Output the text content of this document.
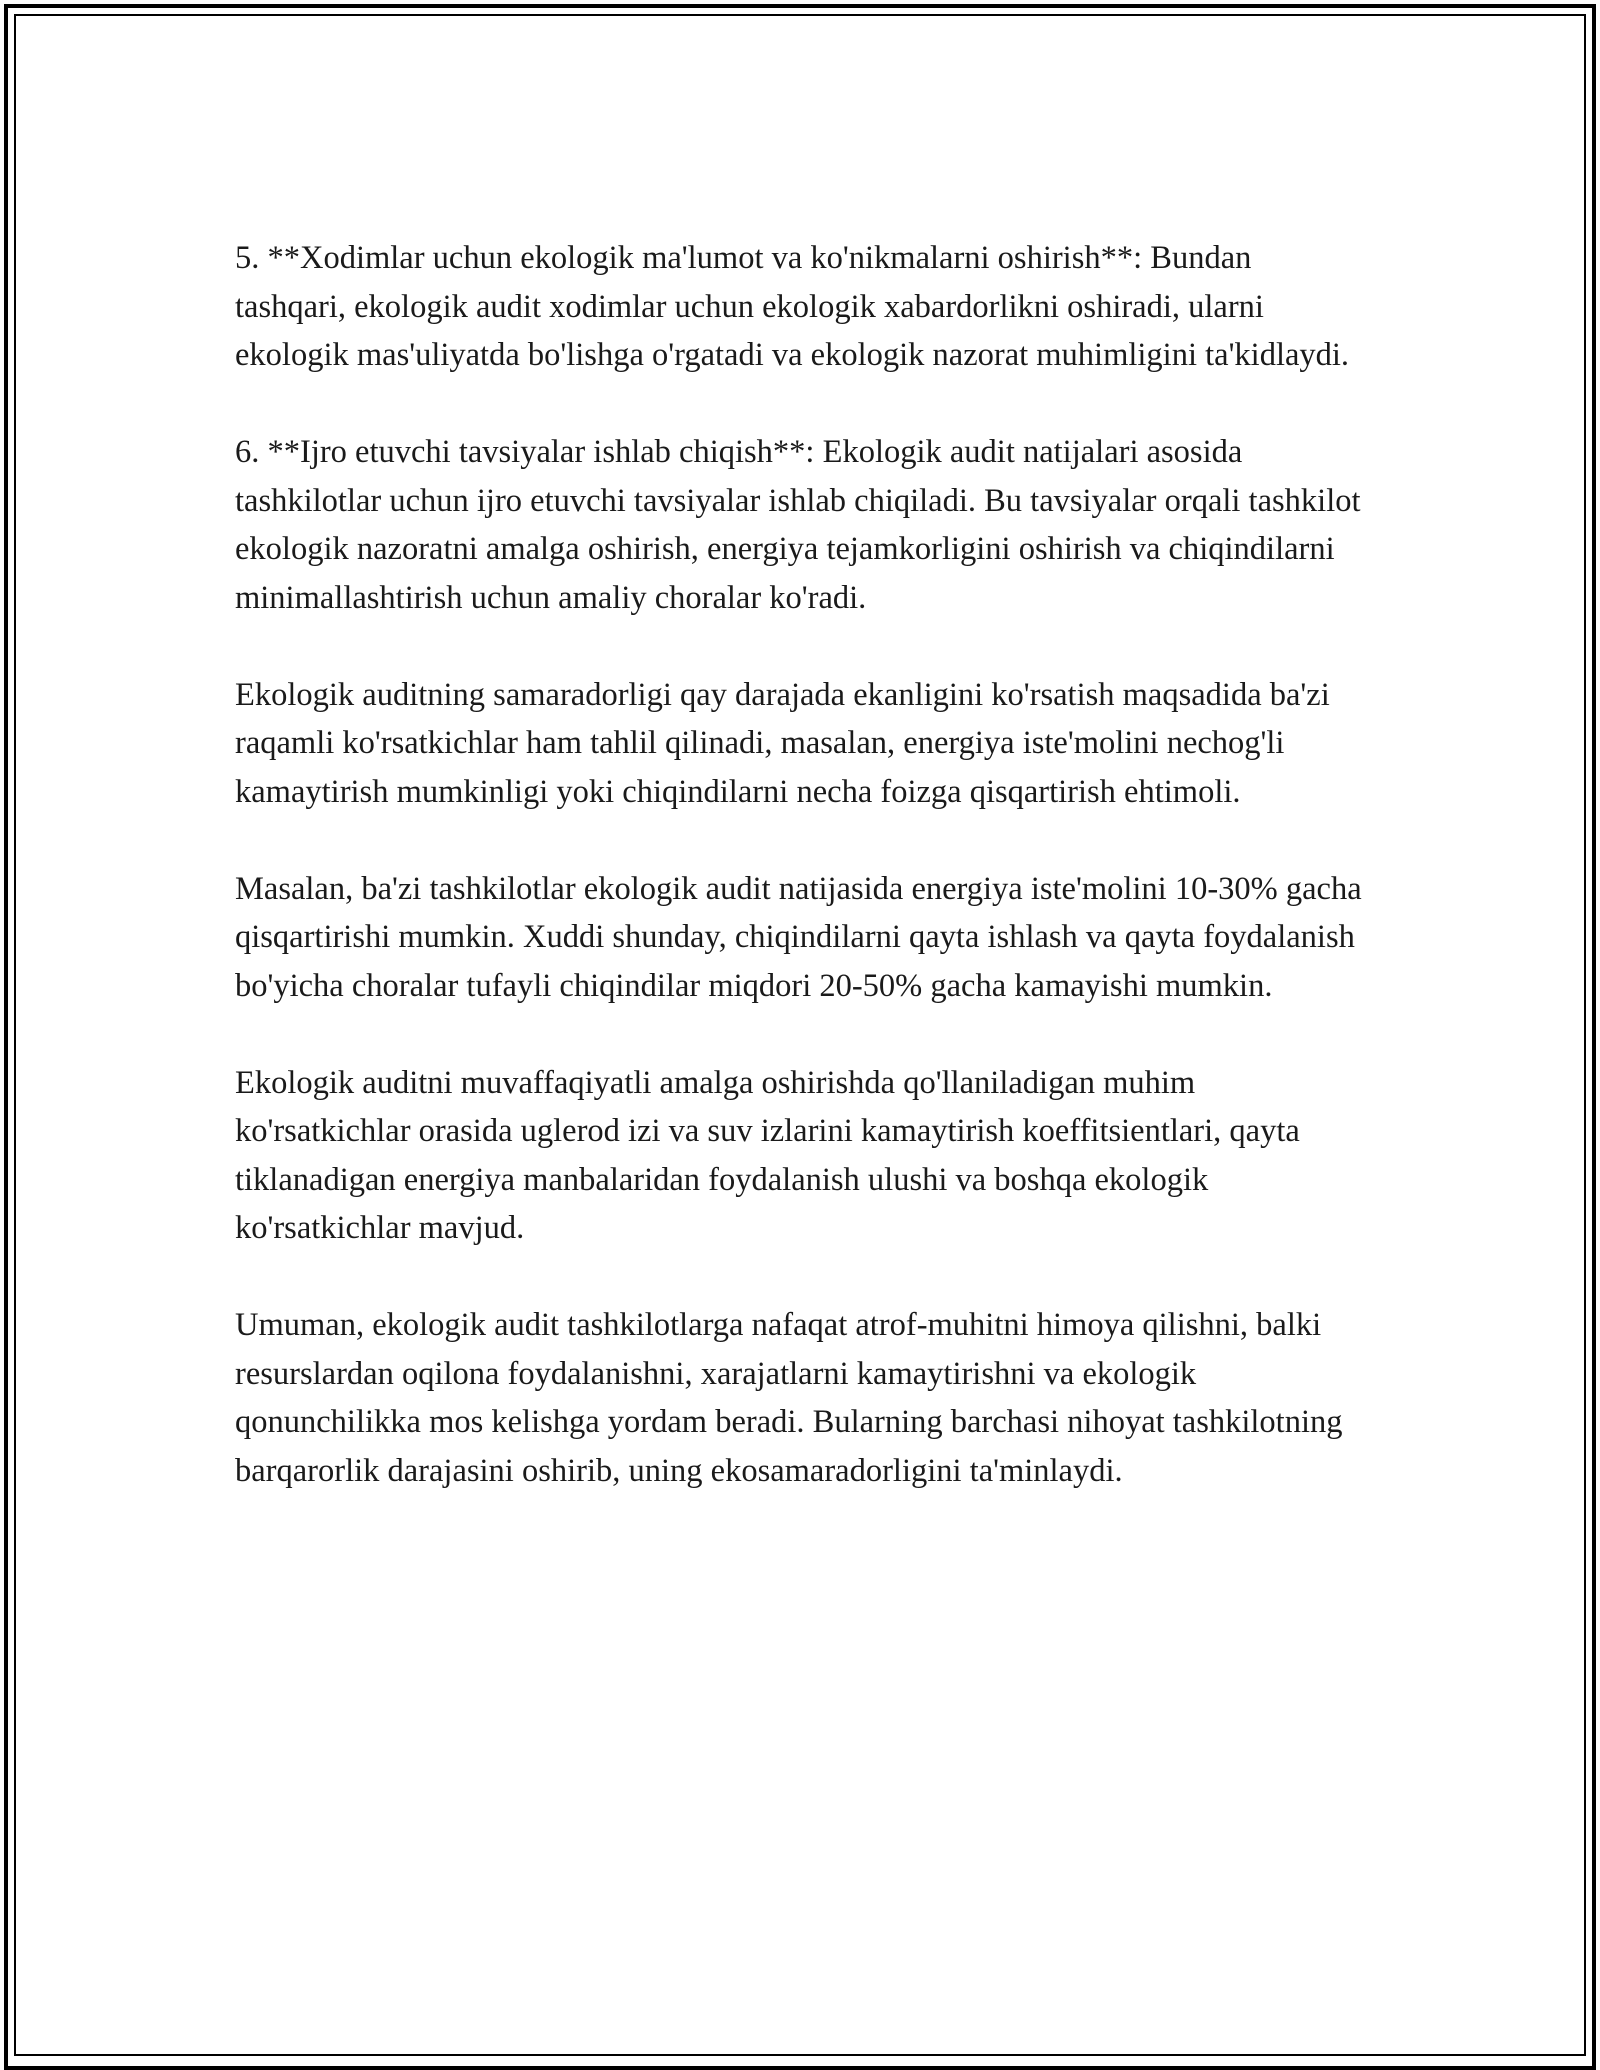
5. **Xodimlar uchun ekologik ma'lumot va ko'nikmalarni oshirish**: Bundan tashqari, ekologik audit xodimlar uchun ekologik xabardorlikni oshiradi, ularni ekologik mas'uliyatda bo'lishga o'rgatadi va ekologik nazorat muhimligini ta'kidlaydi.

6. **Ijro etuvchi tavsiyalar ishlab chiqish**: Ekologik audit natijalari asosida tashkilotlar uchun ijro etuvchi tavsiyalar ishlab chiqiladi. Bu tavsiyalar orqali tashkilot ekologik nazoratni amalga oshirish, energiya tejamkorligini oshirish va chiqindilarni minimallashtirish uchun amaliy choralar ko'radi.

Ekologik auditning samaradorligi qay darajada ekanligini ko'rsatish maqsadida ba'zi raqamli ko'rsatkichlar ham tahlil qilinadi, masalan, energiya iste'molini nechog'li kamaytirish mumkinligi yoki chiqindilarni necha foizga qisqartirish ehtimoli.

Masalan, ba'zi tashkilotlar ekologik audit natijasida energiya iste'molini 10-30% gacha qisqartirishi mumkin. Xuddi shunday, chiqindilarni qayta ishlash va qayta foydalanish bo'yicha choralar tufayli chiqindilar miqdori 20-50% gacha kamayishi mumkin.

Ekologik auditni muvaffaqiyatli amalga oshirishda qo'llaniladigan muhim ko'rsatkichlar orasida uglerod izi va suv izlarini kamaytirish koeffitsientlari, qayta tiklanadigan energiya manbalaridan foydalanish ulushi va boshqa ekologik ko'rsatkichlar mavjud.

Umuman, ekologik audit tashkilotlarga nafaqat atrof-muhitni himoya qilishni, balki resurslardan oqilona foydalanishni, xarajatlarni kamaytirishni va ekologik qonunchilikka mos kelishga yordam beradi. Bularning barchasi nihoyat tashkilotning barqarorlik darajasini oshirib, uning ekosamaradorligini ta'minlaydi.
